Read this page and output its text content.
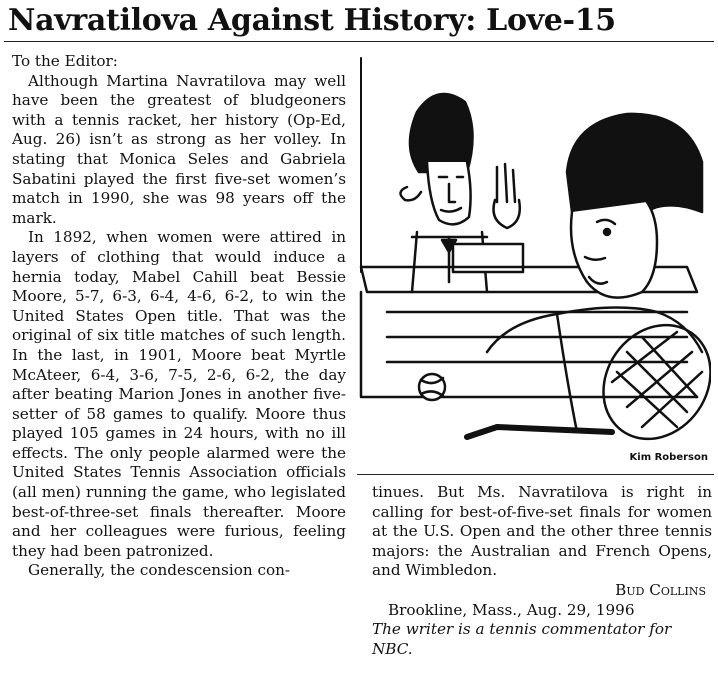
Navratilova Against History: Love-15

To the Editor:

Although Martina Navratilova may well have been the greatest of bludgeoners with a tennis racket, her history (Op-Ed, Aug. 26) isn’t as strong as her volley. In stating that Monica Seles and Gabriela Sabatini played the first five-set women’s match in 1990, she was 98 years off the mark.

In 1892, when women were attired in layers of clothing that would induce a hernia today, Mabel Cahill beat Bessie Moore, 5-7, 6-3, 6-4, 4-6, 6-2, to win the United States Open title. That was the original of six title matches of such length. In the last, in 1901, Moore beat Myrtle McAteer, 6-4, 3-6, 7-5, 2-6, 6-2, the day after beating Marion Jones in another five-setter of 58 games to qualify. Moore thus played 105 games in 24 hours, with no ill effects. The only people alarmed were the United States Tennis Association officials (all men) running the game, who legislated best-of-three-set finals thereafter. Moore and her colleagues were furious, feeling they had been patronized.

Generally, the condescension con-

Kim Roberson

tinues. But Ms. Navratilova is right in calling for best-of-five-set finals for women at the U.S. Open and the other three tennis majors: the Australian and French Opens, and Wimbledon.

Bud Collins

Brookline, Mass., Aug. 29, 1996

The writer is a tennis commentator for NBC.
